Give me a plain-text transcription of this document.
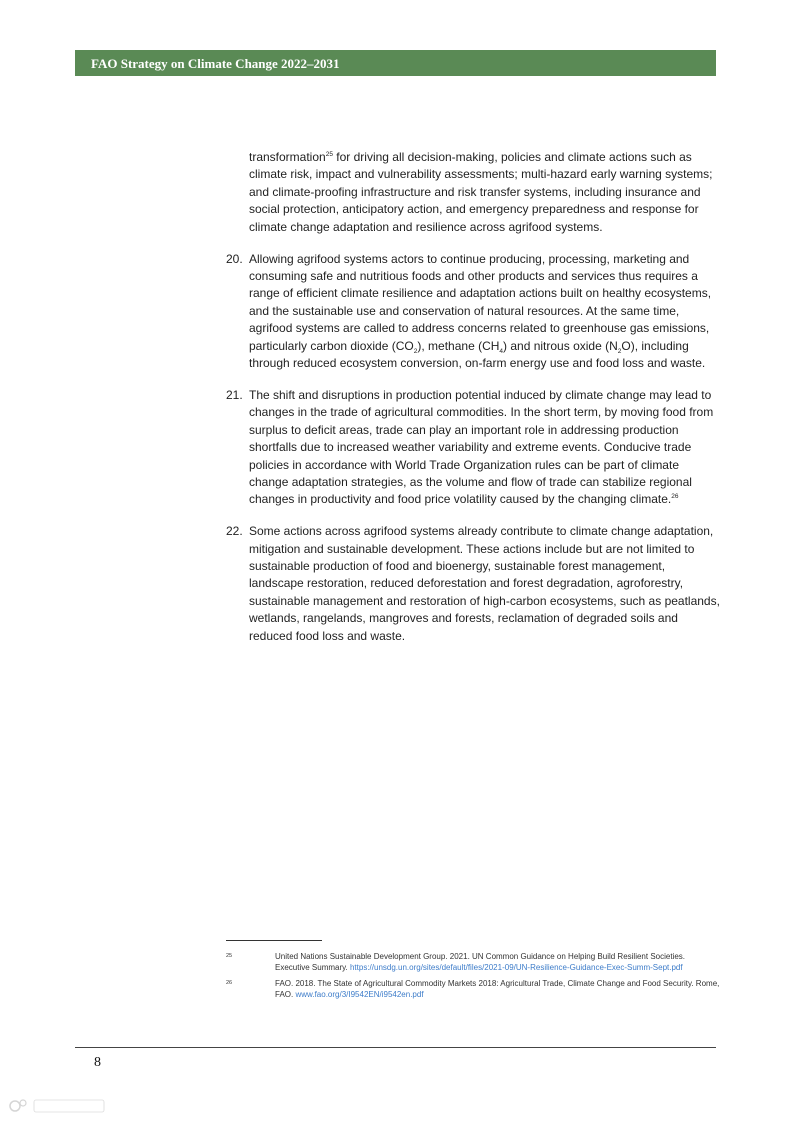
FAO Strategy on Climate Change 2022–2031

transformation$^{25}$ for driving all decision-making, policies and climate actions such as climate risk, impact and vulnerability assessments; multi-hazard early warning systems; and climate-proofing infrastructure and risk transfer systems, including insurance and social protection, anticipatory action, and emergency preparedness and response for climate change adaptation and resilience across agrifood systems.

20. Allowing agrifood systems actors to continue producing, processing, marketing and consuming safe and nutritious foods and other products and services thus requires a range of efficient climate resilience and adaptation actions built on healthy ecosystems, and the sustainable use and conservation of natural resources. At the same time, agrifood systems are called to address concerns related to greenhouse gas emissions, particularly carbon dioxide $(CO_2)$, methane $(CH_4)$ and nitrous oxide $(N_2O)$, including through reduced ecosystem conversion, on-farm energy use and food loss and waste.

21. The shift and disruptions in production potential induced by climate change may lead to changes in the trade of agricultural commodities. In the short term, by moving food from surplus to deficit areas, trade can play an important role in addressing production shortfalls due to increased weather variability and extreme events. Conducive trade policies in accordance with World Trade Organization rules can be part of climate change adaptation strategies, as the volume and flow of trade can stabilize regional changes in productivity and food price volatility caused by the changing climate.$^{26}$

22. Some actions across agrifood systems already contribute to climate change adaptation, mitigation and sustainable development. These actions include but are not limited to sustainable production of food and bioenergy, sustainable forest management, landscape restoration, reduced deforestation and forest degradation, agroforestry, sustainable management and restoration of high-carbon ecosystems, such as peatlands, wetlands, rangelands, mangroves and forests, reclamation of degraded soils and reduced food loss and waste.

25	United Nations Sustainable Development Group. 2021. UN Common Guidance on Helping Build Resilient Societies. Executive Summary. https://unsdg.un.org/sites/default/files/2021-09/UN-Resilience-Guidance-Exec-Summ-Sept.pdf
26	FAO. 2018. The State of Agricultural Commodity Markets 2018: Agricultural Trade, Climate Change and Food Security. Rome, FAO. www.fao.org/3/I9542EN/i9542en.pdf
8
